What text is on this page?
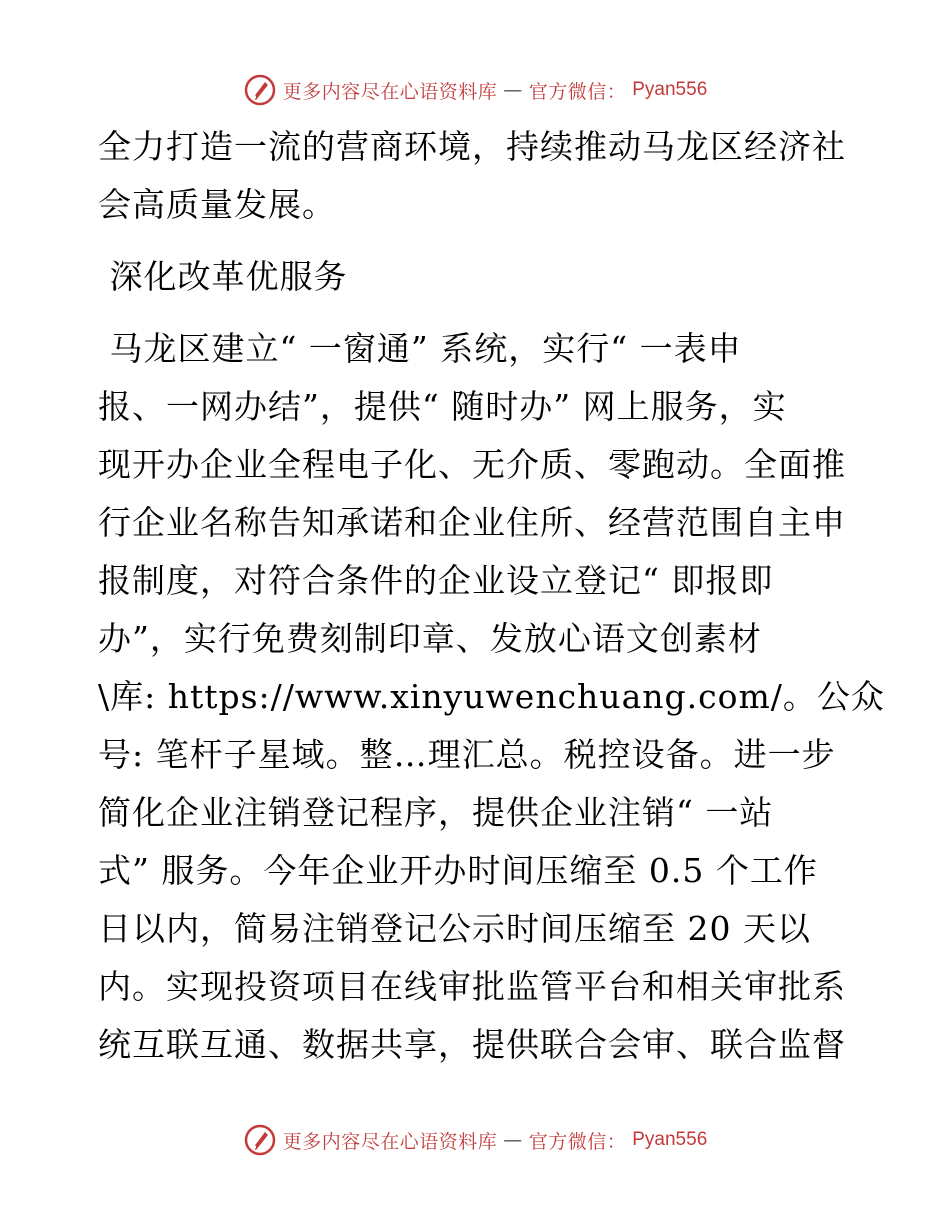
更多内容尽在心语资料库 — 官方微信： Pyan556
全力打造一流的营商环境，持续推动马龙区经济社
会高质量发展。
深化改革优服务
马龙区建立“ 一窗通” 系统，实行“ 一表申
报、一网办结”，提供“ 随时办” 网上服务，实
现开办企业全程电子化、无介质、零跑动。全面推
行企业名称告知承诺和企业住所、经营范围自主申
报制度，对符合条件的企业设立登记“ 即报即
办”，实行免费刻制印章、发放心语文创素材
\库: https://www.xinyuwenchuang.com/。公众
号: 笔杆子星域。整…理汇总。税控设备。进一步
简化企业注销登记程序，提供企业注销“ 一站
式” 服务。今年企业开办时间压缩至 0.5 个工作
日以内，简易注销登记公示时间压缩至 20 天以
内。实现投资项目在线审批监管平台和相关审批系
统互联互通、数据共享，提供联合会审、联合监督
更多内容尽在心语资料库 — 官方微信： Pyan556
